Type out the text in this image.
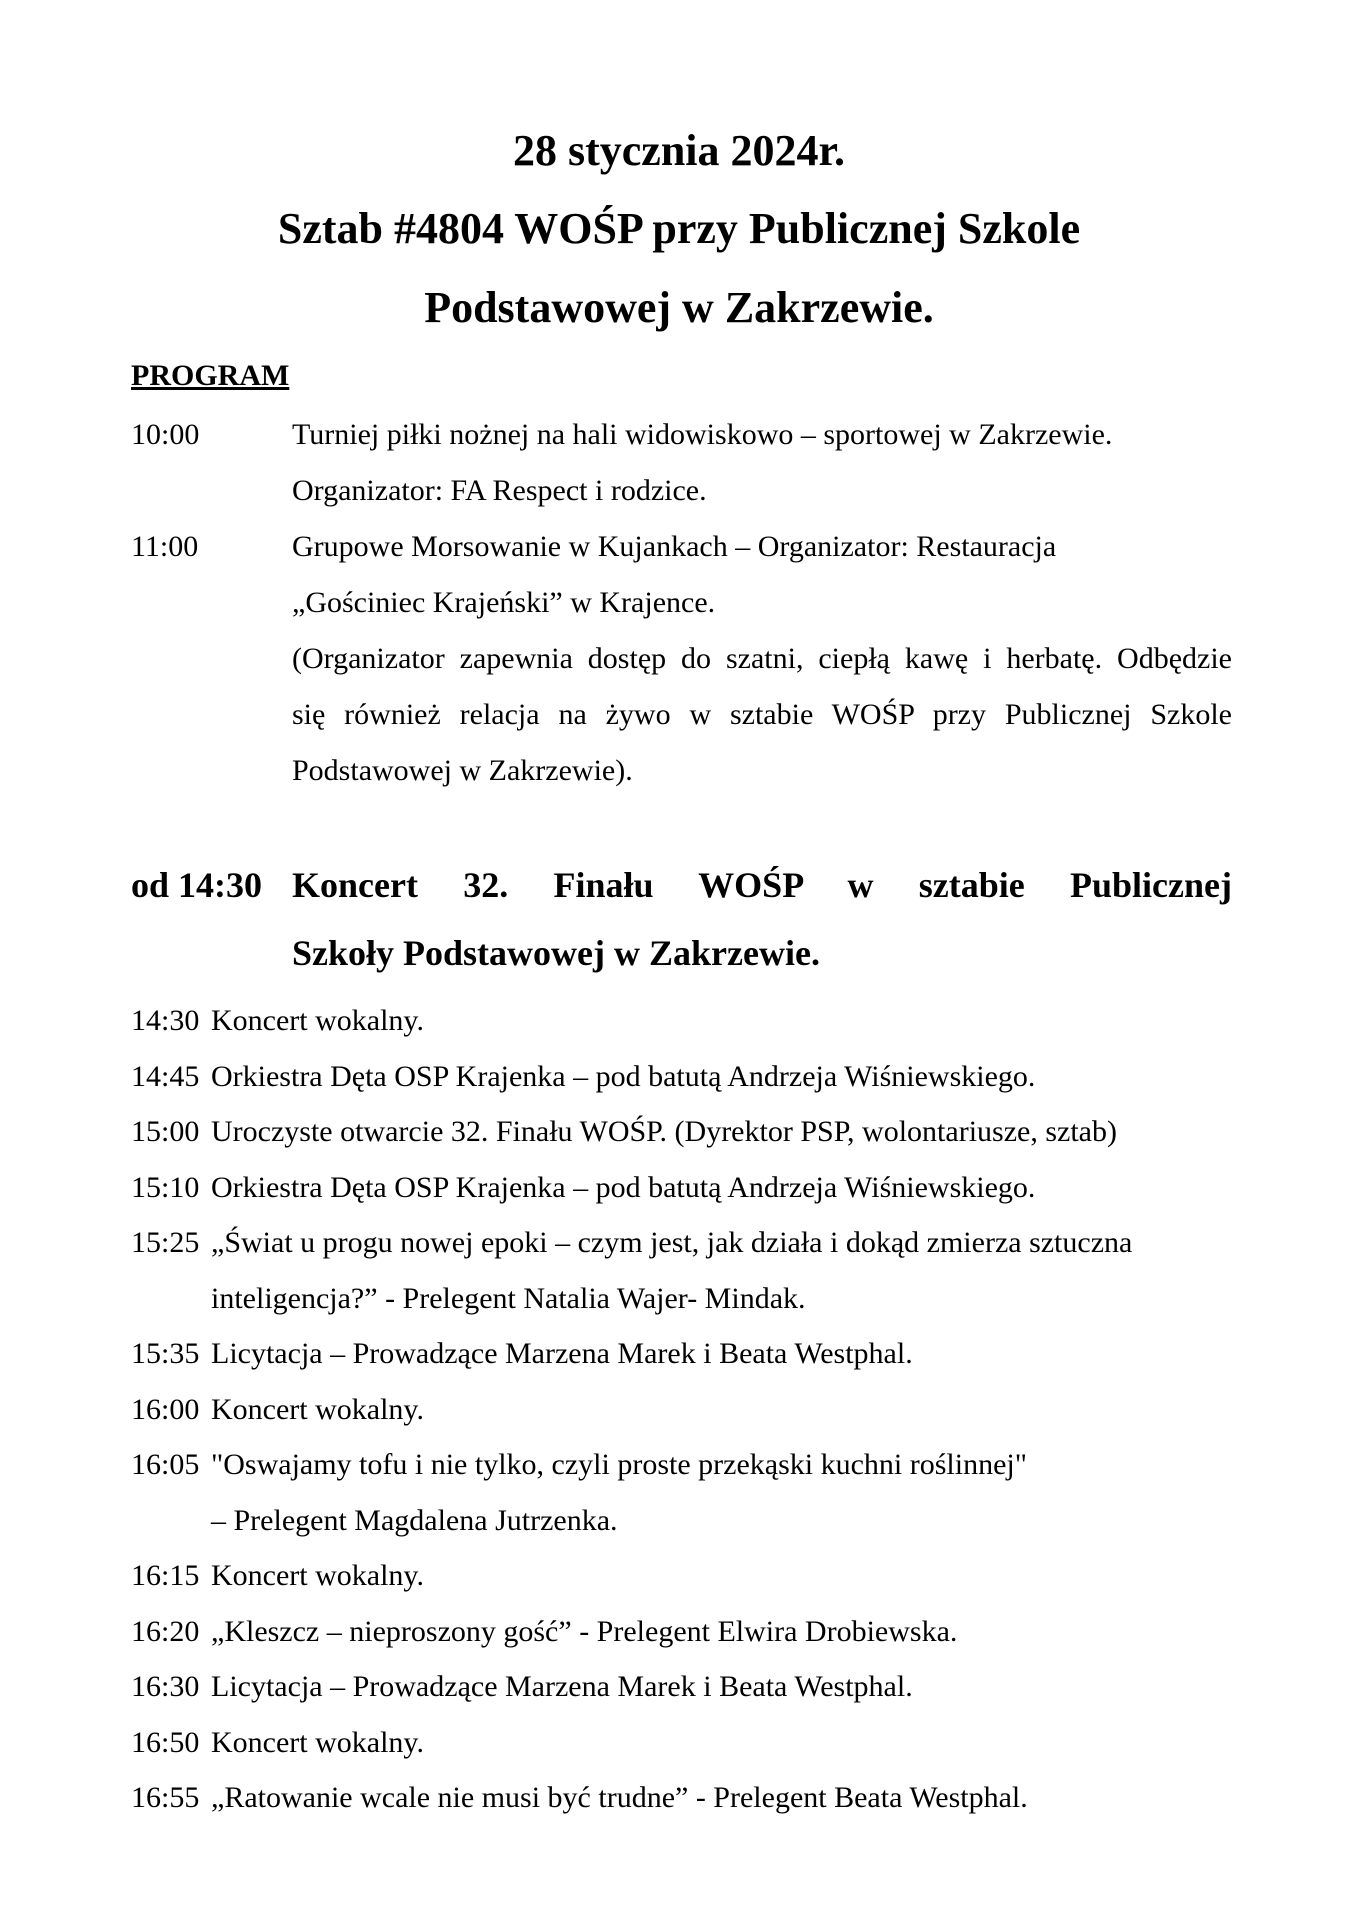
28 stycznia 2024r.
Sztab #4804 WOŚP przy Publicznej Szkole
Podstawowej w Zakrzewie.
PROGRAM
10:00	Turniej piłki nożnej na hali widowiskowo – sportowej w Zakrzewie.
Organizator: FA Respect i rodzice.
11:00	Grupowe Morsowanie w Kujankach – Organizator: Restauracja
„Gościniec Krajeński” w Krajence.
(Organizator zapewnia dostęp do szatni, ciepłą kawę i herbatę. Odbędzie
się również relacja na żywo w sztabie WOŚP przy Publicznej Szkole
Podstawowej w Zakrzewie).
od 14:30 Koncert 32. Finału WOŚP w sztabie Publicznej
Szkoły Podstawowej w Zakrzewie.
14:30 Koncert wokalny.
14:45 Orkiestra Dęta OSP Krajenka – pod batutą Andrzeja Wiśniewskiego.
15:00 Uroczyste otwarcie 32. Finału WOŚP. (Dyrektor PSP, wolontariusze, sztab)
15:10 Orkiestra Dęta OSP Krajenka – pod batutą Andrzeja Wiśniewskiego.
15:25 „Świat u progu nowej epoki – czym jest, jak działa i dokąd zmierza sztuczna
inteligencja?” - Prelegent Natalia Wajer- Mindak.
15:35 Licytacja – Prowadzące Marzena Marek i Beata Westphal.
16:00 Koncert wokalny.
16:05 "Oswajamy tofu i nie tylko, czyli proste przekąski kuchni roślinnej"
– Prelegent Magdalena Jutrzenka.
16:15 Koncert wokalny.
16:20 „Kleszcz – nieproszony gość” - Prelegent Elwira Drobiewska.
16:30 Licytacja – Prowadzące Marzena Marek i Beata Westphal.
16:50 Koncert wokalny.
16:55 „Ratowanie wcale nie musi być trudne” - Prelegent Beata Westphal.
